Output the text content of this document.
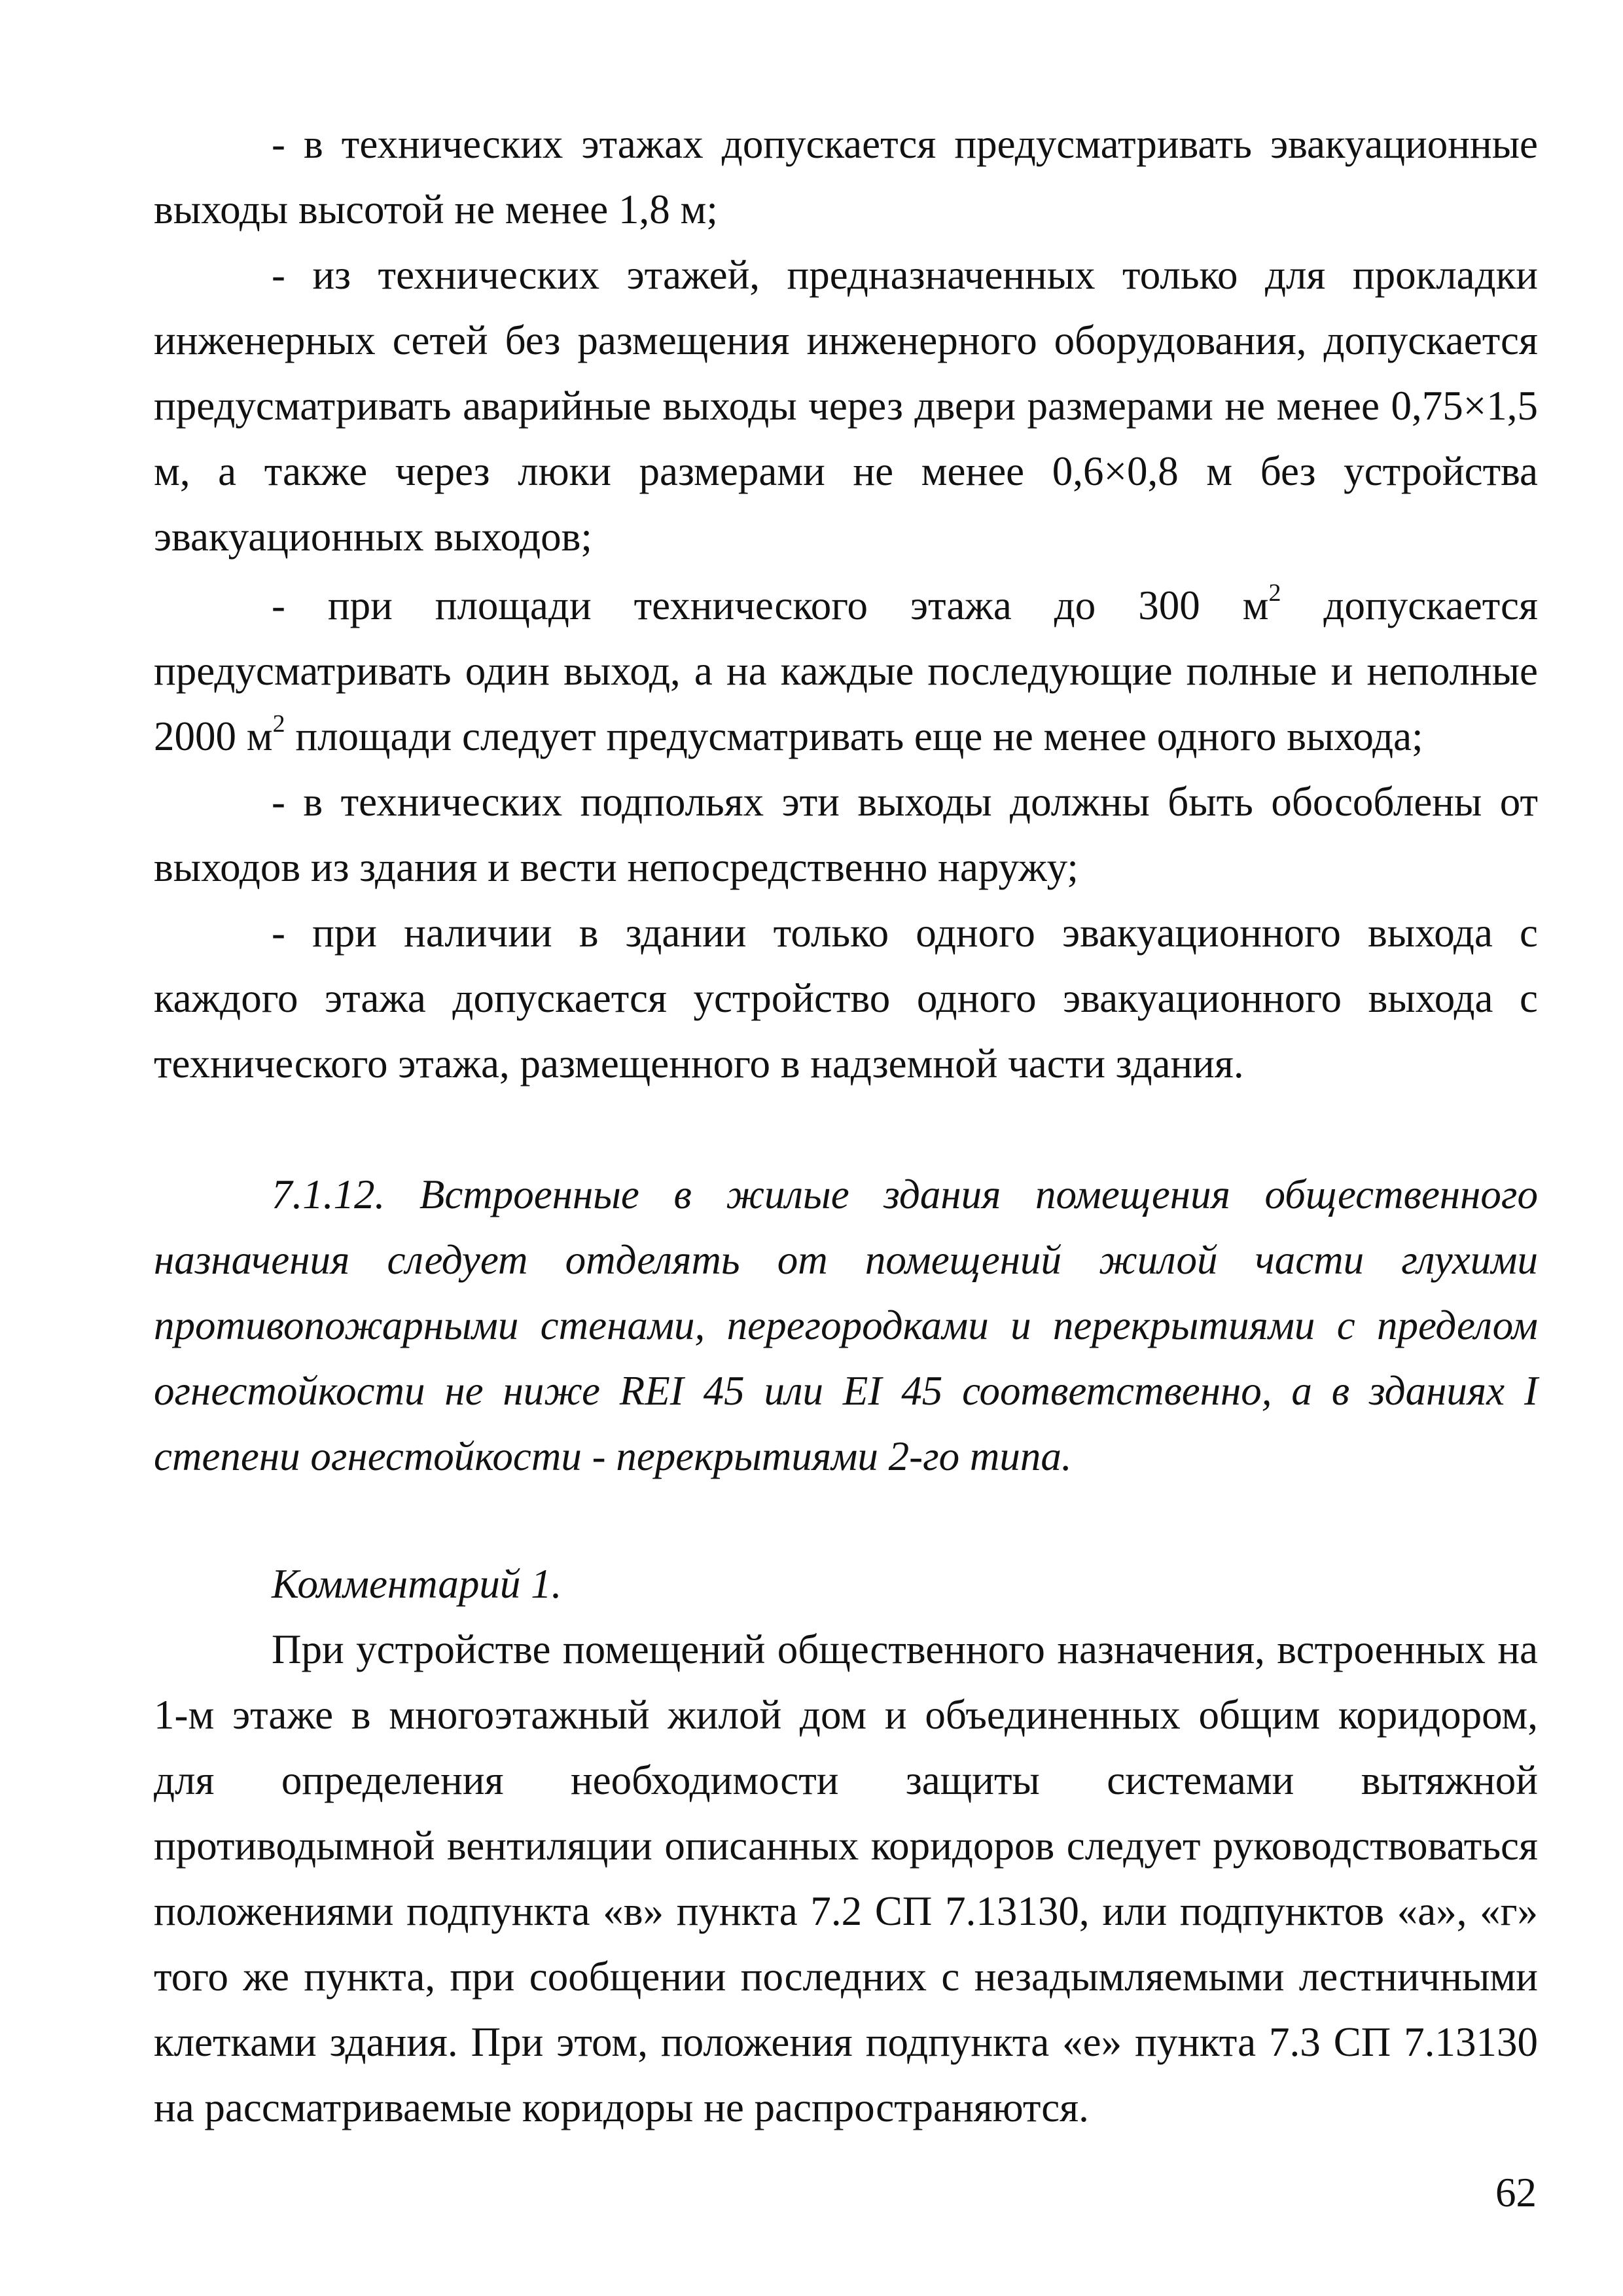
- в технических этажах допускается предусматривать эвакуационные выходы высотой не менее 1,8 м;

- из технических этажей, предназначенных только для прокладки инженерных сетей без размещения инженерного оборудования, допускается предусматривать аварийные выходы через двери размерами не менее 0,75×1,5 м, а также через люки размерами не менее 0,6×0,8 м без устройства эвакуационных выходов;

- при площади технического этажа до 300 $м^2$ допускается предусматривать один выход, а на каждые последующие полные и неполные 2000 $м^2$ площади следует предусматривать еще не менее одного выхода;

- в технических подпольях эти выходы должны быть обособлены от выходов из здания и вести непосредственно наружу;

- при наличии в здании только одного эвакуационного выхода с каждого этажа допускается устройство одного эвакуационного выхода с технического этажа, размещенного в надземной части здания.

7.1.12. Встроенные в жилые здания помещения общественного назначения следует отделять от помещений жилой части глухими противопожарными стенами, перегородками и перекрытиями с пределом огнестойкости не ниже REI 45 или EI 45 соответственно, а в зданиях I степени огнестойкости - перекрытиями 2-го типа.

Комментарий 1.

При устройстве помещений общественного назначения, встроенных на 1-м этаже в многоэтажный жилой дом и объединенных общим коридором, для определения необходимости защиты системами вытяжной противодымной вентиляции описанных коридоров следует руководствоваться положениями подпункта «в» пункта 7.2 СП 7.13130, или подпунктов «а», «г» того же пункта, при сообщении последних с незадымляемыми лестничными клетками здания. При этом, положения подпункта «е» пункта 7.3 СП 7.13130 на рассматриваемые коридоры не распространяются.

62
